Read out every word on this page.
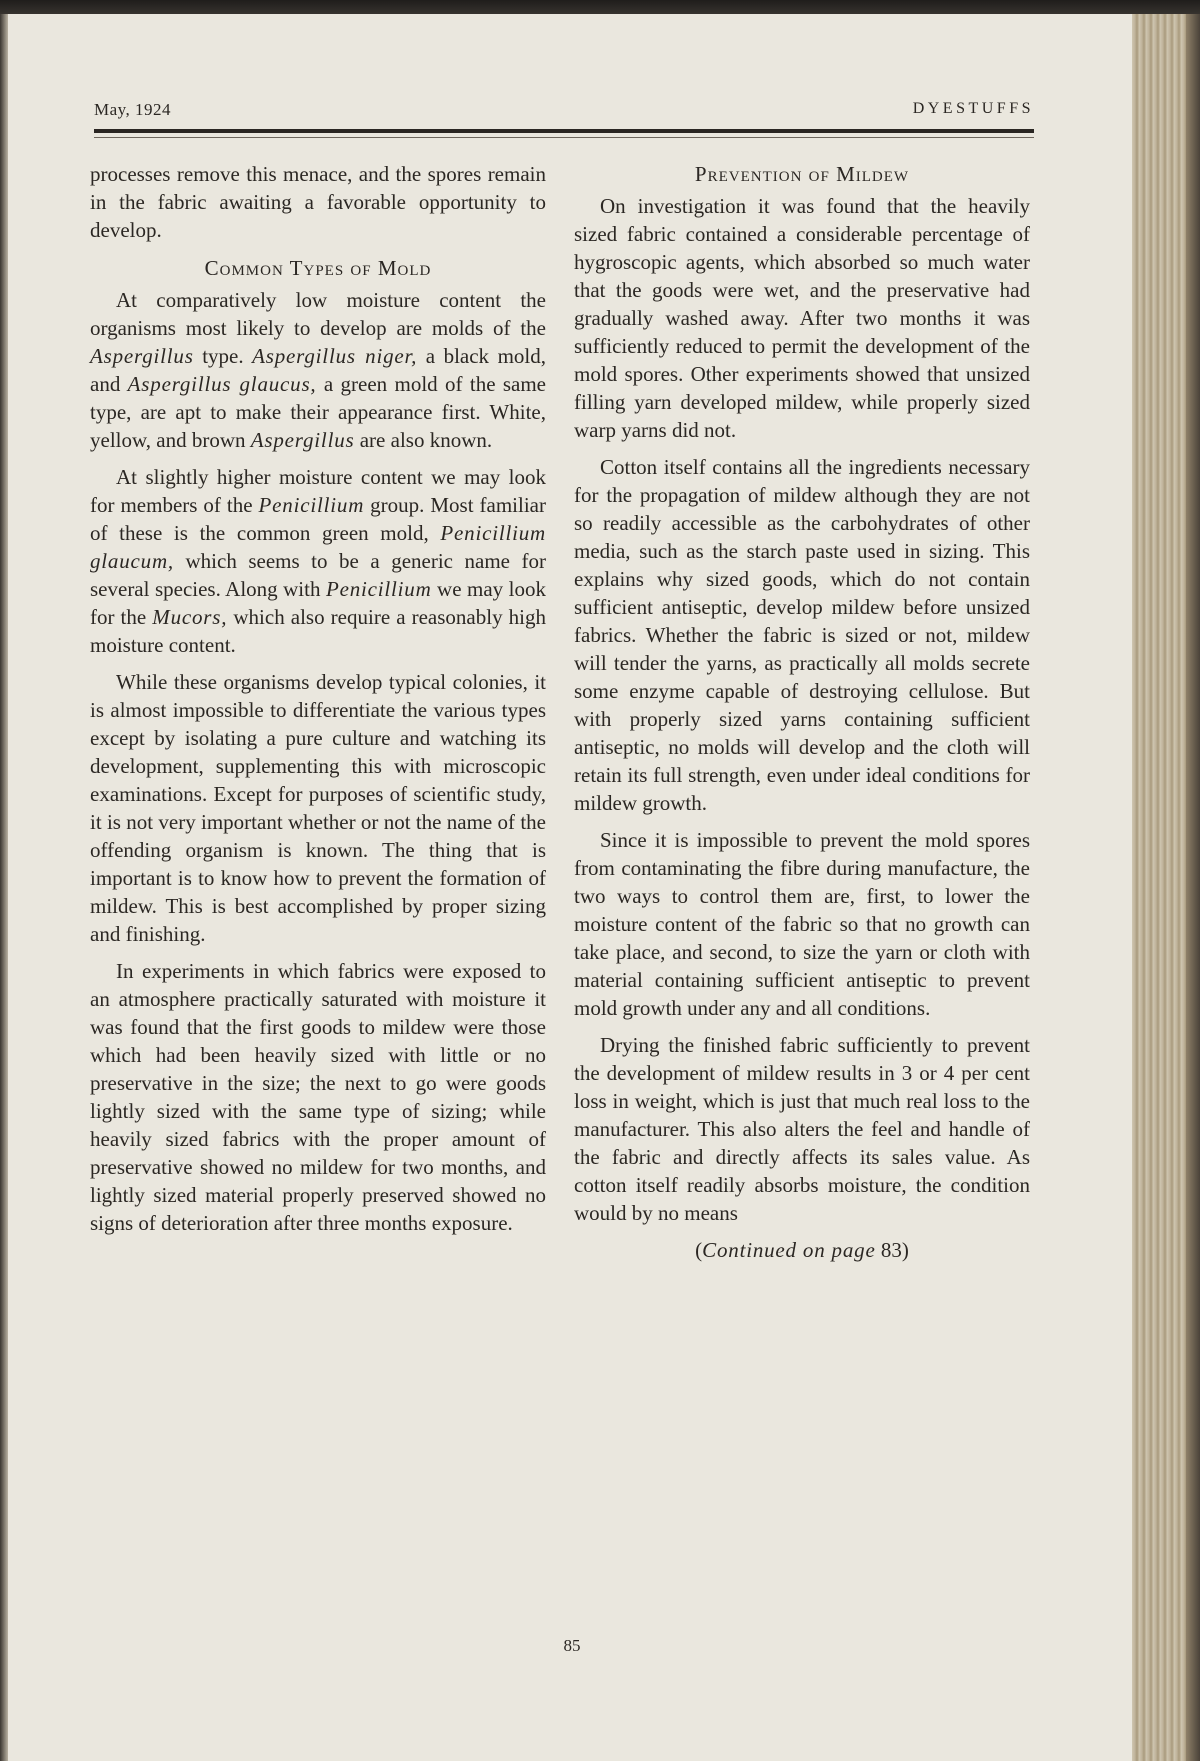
May, 1924	DYESTUFFS

processes remove this menace, and the spores remain in the fabric awaiting a favorable opportunity to develop.

Common Types of Mold

At comparatively low moisture content the organisms most likely to develop are molds of the Aspergillus type. Aspergillus niger, a black mold, and Aspergillus glaucus, a green mold of the same type, are apt to make their appearance first. White, yellow, and brown Aspergillus are also known.

At slightly higher moisture content we may look for members of the Penicillium group. Most familiar of these is the common green mold, Penicillium glaucum, which seems to be a generic name for several species. Along with Penicillium we may look for the Mucors, which also require a reasonably high moisture content.

While these organisms develop typical colonies, it is almost impossible to differentiate the various types except by isolating a pure culture and watching its development, supplementing this with microscopic examinations. Except for purposes of scientific study, it is not very important whether or not the name of the offending organism is known. The thing that is important is to know how to prevent the formation of mildew. This is best accomplished by proper sizing and finishing.

In experiments in which fabrics were exposed to an atmosphere practically saturated with moisture it was found that the first goods to mildew were those which had been heavily sized with little or no preservative in the size; the next to go were goods lightly sized with the same type of sizing; while heavily sized fabrics with the proper amount of preservative showed no mildew for two months, and lightly sized material properly preserved showed no signs of deterioration after three months exposure.

Prevention of Mildew

On investigation it was found that the heavily sized fabric contained a considerable percentage of hygroscopic agents, which absorbed so much water that the goods were wet, and the preservative had gradually washed away. After two months it was sufficiently reduced to permit the development of the mold spores. Other experiments showed that unsized filling yarn developed mildew, while properly sized warp yarns did not.

Cotton itself contains all the ingredients necessary for the propagation of mildew although they are not so readily accessible as the carbohydrates of other media, such as the starch paste used in sizing. This explains why sized goods, which do not contain sufficient antiseptic, develop mildew before unsized fabrics. Whether the fabric is sized or not, mildew will tender the yarns, as practically all molds secrete some enzyme capable of destroying cellulose. But with properly sized yarns containing sufficient antiseptic, no molds will develop and the cloth will retain its full strength, even under ideal conditions for mildew growth.

Since it is impossible to prevent the mold spores from contaminating the fibre during manufacture, the two ways to control them are, first, to lower the moisture content of the fabric so that no growth can take place, and second, to size the yarn or cloth with material containing sufficient antiseptic to prevent mold growth under any and all conditions.

Drying the finished fabric sufficiently to prevent the development of mildew results in 3 or 4 per cent loss in weight, which is just that much real loss to the manufacturer. This also alters the feel and handle of the fabric and directly affects its sales value. As cotton itself readily absorbs moisture, the condition would by no means

(Continued on page 83)

85
